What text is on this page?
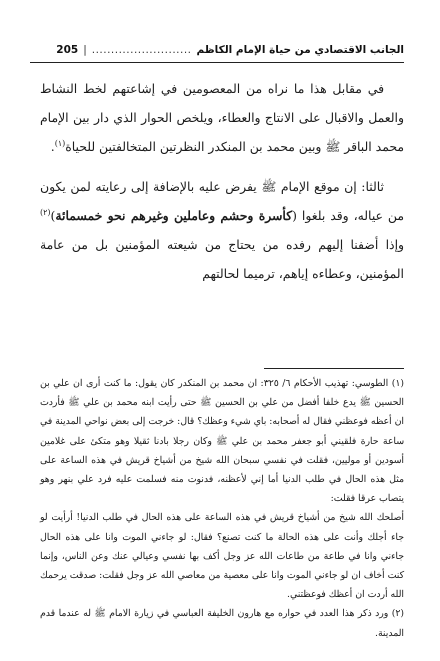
205 | .......................... الجانب الاقتصادي من حياة الإمام الكاظم

في مقابل هذا ما نراه من المعصومين في إشاعتهم لخط النشاط والعمل والاقبال على الانتاج والعطاء، ويلخص الحوار الذي دار بين الإمام محمد الباقر ﷺ وبين محمد بن المنكدر النظرتين المتخالفتين للحياة$^{(١)}$.

ثالثا: إن موقع الإمام ﷺ يفرض عليه بالإضافة إلى رعايته لمن يكون من عياله، وقد بلغوا (كأسرة وحشم وعاملين وغيرهم نحو خمسمائة)$^{(٢)}$ وإذا أضفنا إليهم رفده من يحتاج من شيعته المؤمنين بل من عامة المؤمنين، وعطاءه إياهم، ترميما لحالتهم

(١) الطوسي: تهذيب الأحكام ٦/ ٣٢٥: ان محمد بن المنكدر كان يقول: ما كنت أرى ان علي بن الحسين ﷺ يدع خلفا أفضل من علي بن الحسين ﷺ حتى رأيت ابنه محمد بن علي ﷺ فأردت ان أعظه فوعظني فقال له أصحابه: باي شيء وعظك؟ قال: خرجت إلى بعض نواحي المدينة في ساعة حارة فلقيني أبو جعفر محمد بن علي ﷺ وكان رجلا بادنا ثقيلا وهو متكئ على غلامين أسودين أو موليين، فقلت في نفسي سبحان الله شيخ من أشياخ قريش في هذه الساعة على مثل هذه الحال في طلب الدنيا أما إني لأعظنه، فدنوت منه فسلمت عليه فرد علي بنهر وهو يتصاب عرقا فقلت:

أصلحك الله شيخ من أشياخ قريش في هذه الساعة على هذه الحال في طلب الدنيا! أرأيت لو جاء أجلك وأنت على هذه الحالة ما كنت تصنع؟ فقال: لو جاءني الموت وانا على هذه الحال جاءني وانا في طاعة من طاعات الله عز وجل أكف بها نفسي وعيالي عنك وعن الناس، وإنما كنت أخاف ان لو جاءني الموت وانا على معصية من معاصي الله عز وجل فقلت: صدقت يرحمك الله أردت ان أعظك فوعظتني.

(٢) ورد ذكر هذا العدد في حواره مع هارون الخليفة العباسي في زيارة الامام ﷺ له عندما قدم المدينة.
